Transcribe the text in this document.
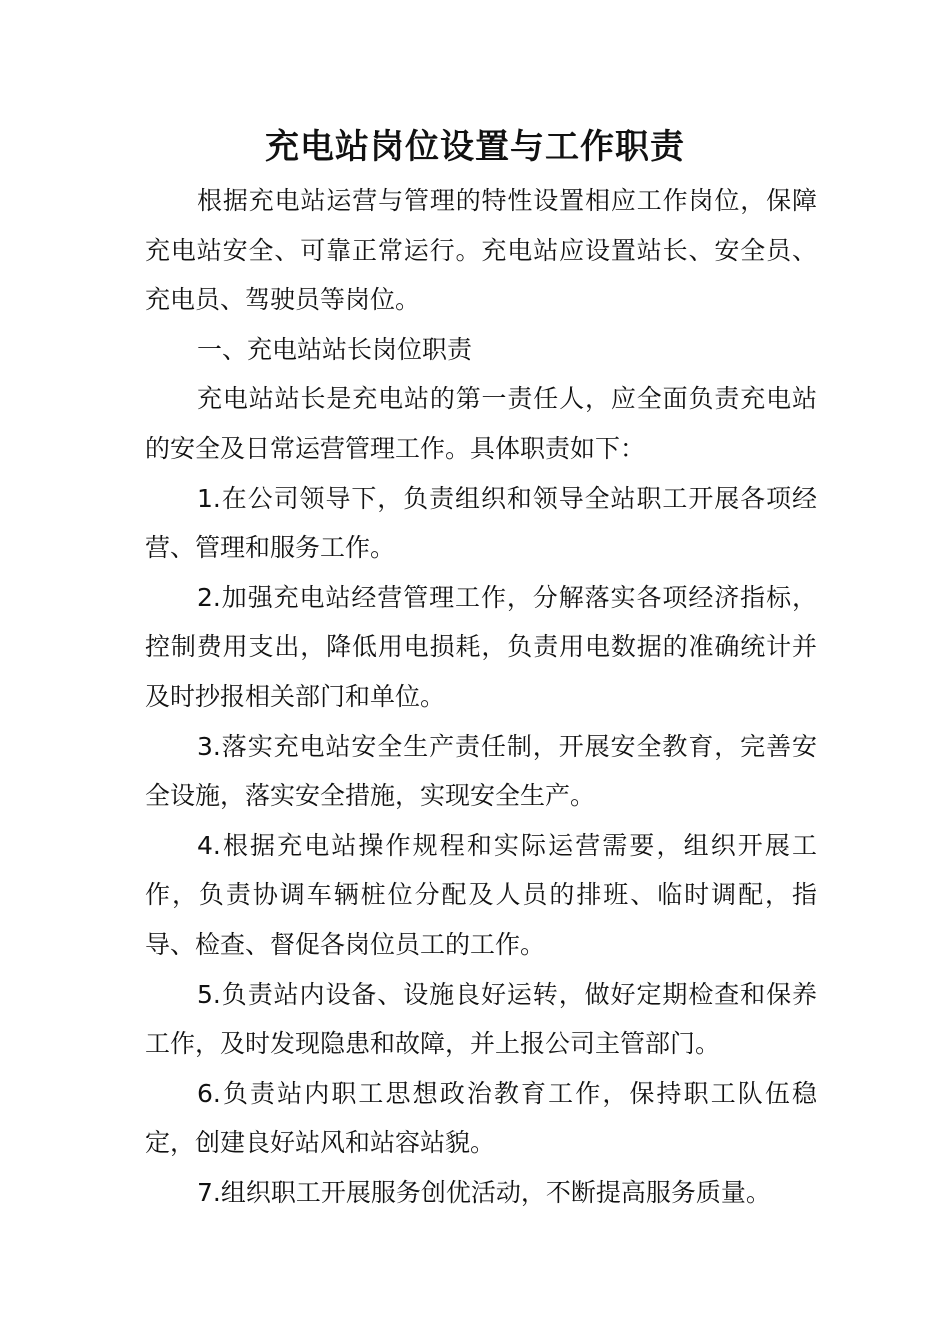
充电站岗位设置与工作职责

根据充电站运营与管理的特性设置相应工作岗位，保障充电站安全、可靠正常运行。充电站应设置站长、安全员、充电员、驾驶员等岗位。

一、充电站站长岗位职责

充电站站长是充电站的第一责任人，应全面负责充电站的安全及日常运营管理工作。具体职责如下：

1.在公司领导下，负责组织和领导全站职工开展各项经营、管理和服务工作。

2.加强充电站经营管理工作，分解落实各项经济指标，控制费用支出，降低用电损耗，负责用电数据的准确统计并及时抄报相关部门和单位。

3.落实充电站安全生产责任制，开展安全教育，完善安全设施，落实安全措施，实现安全生产。

4.根据充电站操作规程和实际运营需要，组织开展工作，负责协调车辆桩位分配及人员的排班、临时调配，指导、检查、督促各岗位员工的工作。

5.负责站内设备、设施良好运转，做好定期检查和保养工作，及时发现隐患和故障，并上报公司主管部门。

6.负责站内职工思想政治教育工作，保持职工队伍稳定，创建良好站风和站容站貌。

7.组织职工开展服务创优活动，不断提高服务质量。
